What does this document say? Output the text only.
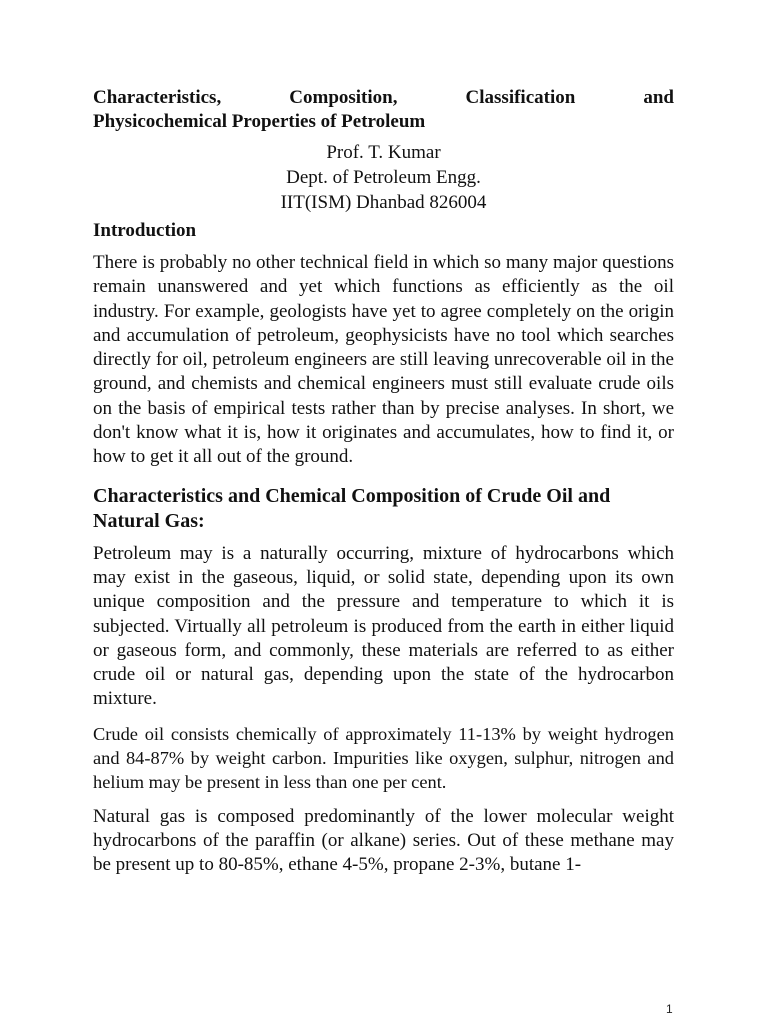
Characteristics,	Composition,	Classification	and
Physicochemical Properties of Petroleum
Prof. T. Kumar
Dept. of Petroleum Engg.
IIT(ISM) Dhanbad 826004
Introduction

There is probably no other technical field in which so many major questions remain unanswered and yet which functions as efficiently as the oil industry. For example, geologists have yet to agree completely on the origin and accumulation of petroleum, geophysicists have no tool which searches directly for oil, petroleum engineers are still leaving unrecoverable oil in the ground, and chemists and chemical engineers must still evaluate crude oils on the basis of empirical tests rather than by precise analyses. In short, we don't know what it is, how it originates and accumulates, how to find it, or how to get it all out of the ground.

Characteristics and Chemical Composition of Crude Oil and Natural Gas:

Petroleum may is a naturally occurring, mixture of hydrocarbons which may exist in the gaseous, liquid, or solid state, depending upon its own unique composition and the pressure and temperature to which it is subjected. Virtually all petroleum is produced from the earth in either liquid or gaseous form, and commonly, these materials are referred to as either crude oil or natural gas, depending upon the state of the hydrocarbon mixture.

Crude oil consists chemically of approximately 11-13% by weight hydrogen and 84-87% by weight carbon. Impurities like oxygen, sulphur, nitrogen and helium may be present in less than one per cent.

Natural gas is composed predominantly of the lower molecular weight hydrocarbons of the paraffin (or alkane) series. Out of these methane may be present up to 80-85%, ethane 4-5%, propane 2-3%, butane 1-

1
